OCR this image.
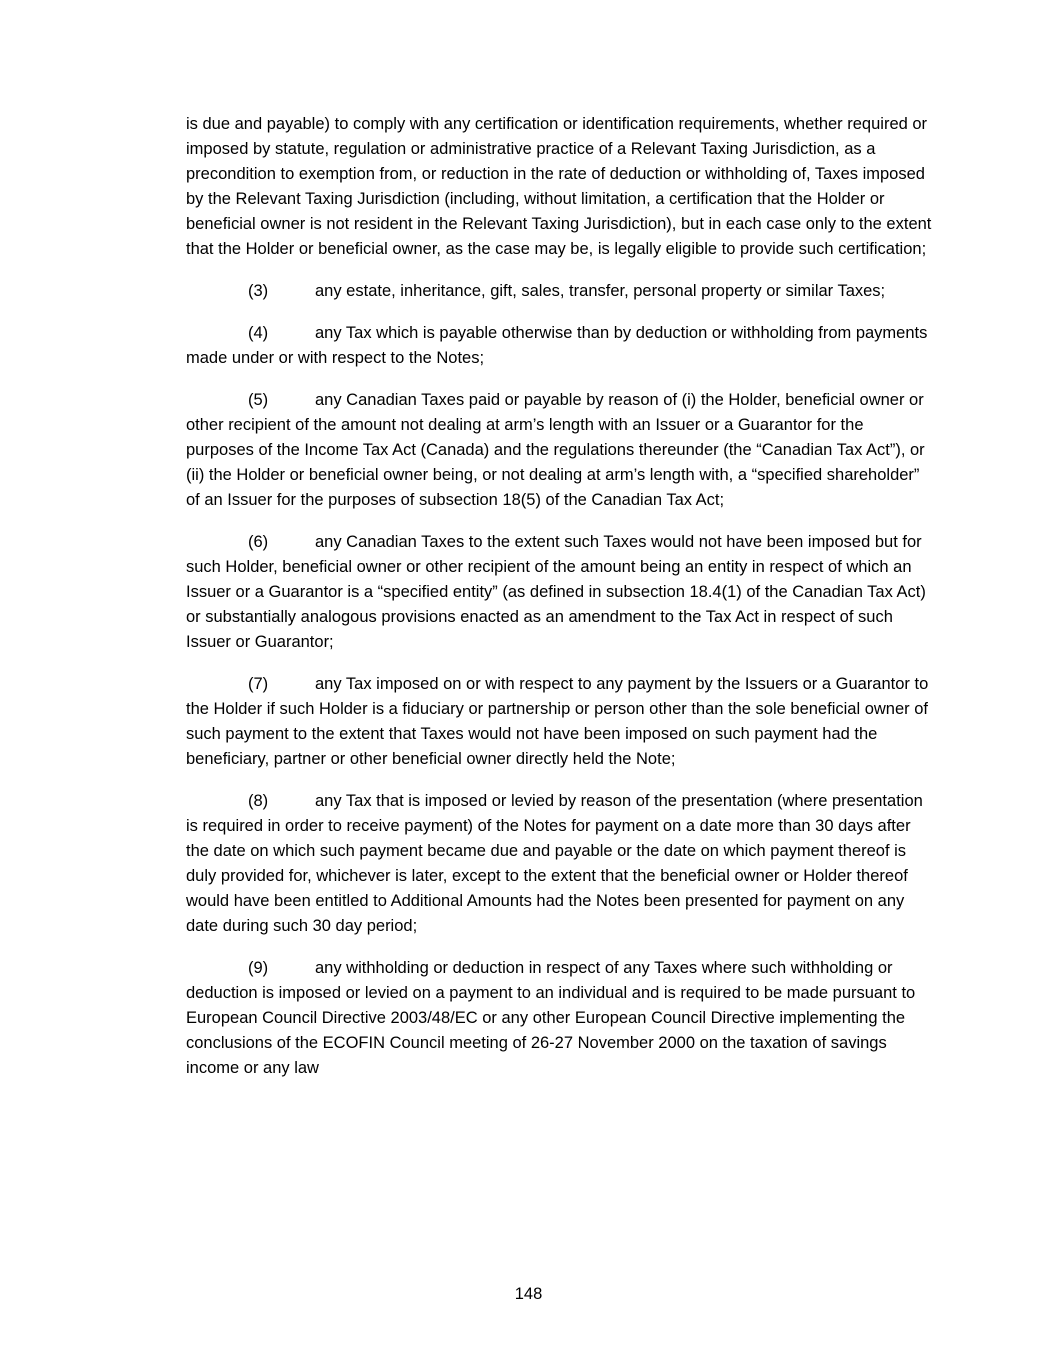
is due and payable) to comply with any certification or identification requirements, whether required or imposed by statute, regulation or administrative practice of a Relevant Taxing Jurisdiction, as a precondition to exemption from, or reduction in the rate of deduction or withholding of, Taxes imposed by the Relevant Taxing Jurisdiction (including, without limitation, a certification that the Holder or beneficial owner is not resident in the Relevant Taxing Jurisdiction), but in each case only to the extent that the Holder or beneficial owner, as the case may be, is legally eligible to provide such certification;

(3)	any estate, inheritance, gift, sales, transfer, personal property or similar Taxes;

(4)	any Tax which is payable otherwise than by deduction or withholding from payments made under or with respect to the Notes;

(5)	any Canadian Taxes paid or payable by reason of (i) the Holder, beneficial owner or other recipient of the amount not dealing at arm’s length with an Issuer or a Guarantor for the purposes of the Income Tax Act (Canada) and the regulations thereunder (the “Canadian Tax Act”), or (ii) the Holder or beneficial owner being, or not dealing at arm’s length with, a “specified shareholder” of an Issuer for the purposes of subsection 18(5) of the Canadian Tax Act;

(6)	any Canadian Taxes to the extent such Taxes would not have been imposed but for such Holder, beneficial owner or other recipient of the amount being an entity in respect of which an Issuer or a Guarantor is a “specified entity” (as defined in subsection 18.4(1) of the Canadian Tax Act) or substantially analogous provisions enacted as an amendment to the Tax Act in respect of such Issuer or Guarantor;

(7)	any Tax imposed on or with respect to any payment by the Issuers or a Guarantor to the Holder if such Holder is a fiduciary or partnership or person other than the sole beneficial owner of such payment to the extent that Taxes would not have been imposed on such payment had the beneficiary, partner or other beneficial owner directly held the Note;

(8)	any Tax that is imposed or levied by reason of the presentation (where presentation is required in order to receive payment) of the Notes for payment on a date more than 30 days after the date on which such payment became due and payable or the date on which payment thereof is duly provided for, whichever is later, except to the extent that the beneficial owner or Holder thereof would have been entitled to Additional Amounts had the Notes been presented for payment on any date during such 30 day period;

(9)	any withholding or deduction in respect of any Taxes where such withholding or deduction is imposed or levied on a payment to an individual and is required to be made pursuant to European Council Directive 2003/48/EC or any other European Council Directive implementing the conclusions of the ECOFIN Council meeting of 26-27 November 2000 on the taxation of savings income or any law

148
